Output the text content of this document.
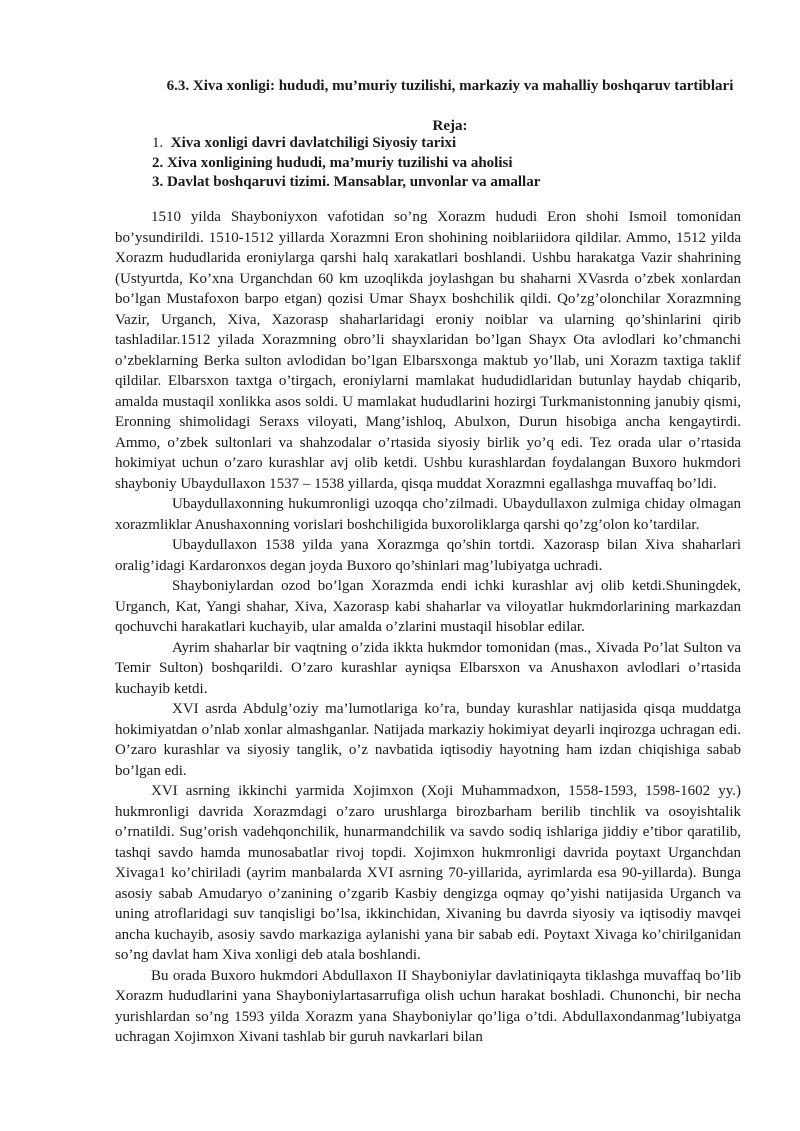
6.3. Xiva xonligi: hududi, mu’muriy tuzilishi, markaziy va mahalliy boshqaruv tartiblari
Reja:
1. Xiva xonligi davri davlatchiligi Siyosiy tarixi
2. Xiva xonligining hududi, ma’muriy tuzilishi va aholisi
3. Davlat boshqaruvi tizimi. Mansablar, unvonlar va amallar

1510 yilda Shayboniyxon vafotidan so’ng Xorazm hududi Eron shohi Ismoil tomonidan bo’ysundirildi. 1510-1512 yillarda Xorazmni Eron shohining noiblariidora qildilar. Ammo, 1512 yilda Xorazm hududlarida eroniylarga qarshi halq xarakatlari boshlandi. Ushbu harakatga Vazir shahrining (Ustyurtda, Ko’xna Urganchdan 60 km uzoqlikda joylashgan bu shaharni XVasrda o’zbek xonlardan bo’lgan Mustafoxon barpo etgan) qozisi Umar Shayx boshchilik qildi. Qo’zg’olonchilar Xorazmning Vazir, Urganch, Xiva, Xazorasp shaharlaridagi eroniy noiblar va ularning qo’shinlarini qirib tashladilar.1512 yilada Xorazmning obro’li shayxlaridan bo’lgan Shayx Ota avlodlari ko’chmanchi o’zbeklarning Berka sulton avlodidan bo’lgan Elbarsxonga maktub yo’llab, uni Xorazm taxtiga taklif qildilar. Elbarsxon taxtga o’tirgach, eroniylarni mamlakat hududidlaridan butunlay haydab chiqarib, amalda mustaqil xonlikka asos soldi. U mamlakat hududlarini hozirgi Turkmanistonning janubiy qismi, Eronning shimolidagi Seraxs viloyati, Mang’ishloq, Abulxon, Durun hisobiga ancha kengaytirdi. Ammo, o’zbek sultonlari va shahzodalar o’rtasida siyosiy birlik yo’q edi. Tez orada ular o’rtasida hokimiyat uchun o’zaro kurashlar avj olib ketdi. Ushbu kurashlardan foydalangan Buxoro hukmdori shayboniy Ubaydullaxon 1537 – 1538 yillarda, qisqa muddat Xorazmni egallashga muvaffaq bo’ldi.

Ubaydullaxonning hukumronligi uzoqqa cho’zilmadi. Ubaydullaxon zulmiga chiday olmagan xorazmliklar Anushaxonning vorislari boshchiligida buxoroliklarga qarshi qo’zg’olon ko’tardilar.

Ubaydullaxon 1538 yilda yana Xorazmga qo’shin tortdi. Xazorasp bilan Xiva shaharlari oralig’idagi Kardaronxos degan joyda Buxoro qo’shinlari mag’lubiyatga uchradi.

Shayboniylardan ozod bo’lgan Xorazmda endi ichki kurashlar avj olib ketdi.Shuningdek, Urganch, Kat, Yangi shahar, Xiva, Xazorasp kabi shaharlar va viloyatlar hukmdorlarining markazdan qochuvchi harakatlari kuchayib, ular amalda o’zlarini mustaqil hisoblar edilar.

Ayrim shaharlar bir vaqtning o’zida ikkta hukmdor tomonidan (mas., Xivada Po’lat Sulton va Temir Sulton) boshqarildi. O’zaro kurashlar ayniqsa Elbarsxon va Anushaxon avlodlari o’rtasida kuchayib ketdi.

XVI asrda Abdulg’oziy ma’lumotlariga ko’ra, bunday kurashlar natijasida qisqa muddatga hokimiyatdan o’nlab xonlar almashganlar. Natijada markaziy hokimiyat deyarli inqirozga uchragan edi. O’zaro kurashlar va siyosiy tanglik, o’z navbatida iqtisodiy hayotning ham izdan chiqishiga sabab bo’lgan edi.

XVI asrning ikkinchi yarmida Xojimxon (Xoji Muhammadxon, 1558-1593, 1598-1602 yy.) hukmronligi davrida Xorazmdagi o’zaro urushlarga birozbarham berilib tinchlik va osoyishtalik o’rnatildi. Sug’orish vadehqonchilik, hunarmandchilik va savdo sodiq ishlariga jiddiy e’tibor qaratilib, tashqi savdo hamda munosabatlar rivoj topdi. Xojimxon hukmronligi davrida poytaxt Urganchdan Xivaga1 ko’chiriladi (ayrim manbalarda XVI asrning 70-yillarida, ayrimlarda esa 90-yillarda). Bunga asosiy sabab Amudaryo o’zanining o’zgarib Kasbiy dengizga oqmay qo’yishi natijasida Urganch va uning atroflaridagi suv tanqisligi bo’lsa, ikkinchidan, Xivaning bu davrda siyosiy va iqtisodiy mavqei ancha kuchayib, asosiy savdo markaziga aylanishi yana bir sabab edi. Poytaxt Xivaga ko’chirilganidan so’ng davlat ham Xiva xonligi deb atala boshlandi.

Bu orada Buxoro hukmdori Abdullaxon II Shayboniylar davlatiniqayta tiklashga muvaffaq bo’lib Xorazm hududlarini yana Shayboniylartasarrufiga olish uchun harakat boshladi. Chunonchi, bir necha yurishlardan so’ng 1593 yilda Xorazm yana Shayboniylar qo’liga o’tdi. Abdullaxondanmag’lubiyatga uchragan Xojimxon Xivani tashlab bir guruh navkarlari bilan
